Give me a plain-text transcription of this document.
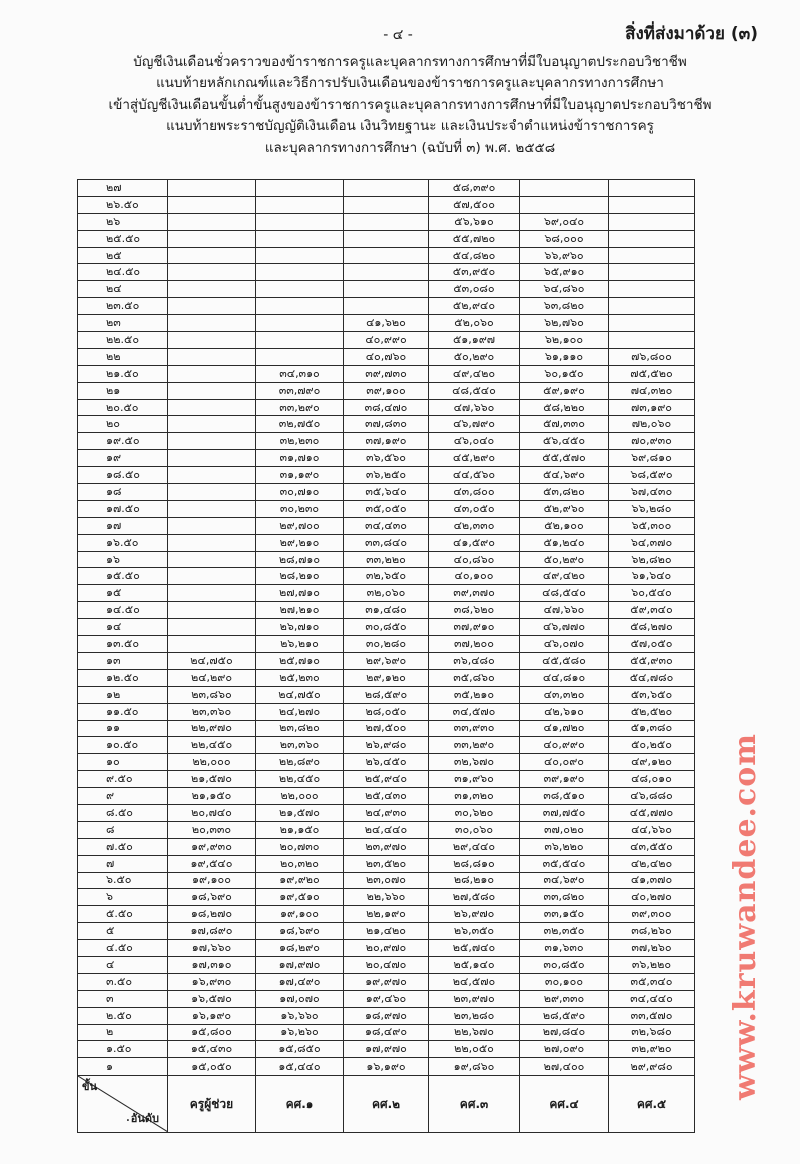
- ๔ -	สิ่งที่ส่งมาด้วย (๓)
บัญชีเงินเดือนชั่วคราวของข้าราชการครูและบุคลากรทางการศึกษาที่มีใบอนุญาตประกอบวิชาชีพ
แนบท้ายหลักเกณฑ์และวิธีการปรับเงินเดือนของข้าราชการครูและบุคลากรทางการศึกษา
เข้าสู่บัญชีเงินเดือนขั้นต่ำขั้นสูงของข้าราชการครูและบุคลากรทางการศึกษาที่มีใบอนุญาตประกอบวิชาชีพ
แนบท้ายพระราชบัญญัติเงินเดือน เงินวิทยฐานะ และเงินประจำตำแหน่งข้าราชการครู
และบุคลากรทางการศึกษา (ฉบับที่ ๓) พ.ศ. ๒๕๕๘
๒๗				๕๘,๓๙๐		
๒๖.๕๐				๕๗,๕๐๐		
๒๖				๕๖,๖๑๐	๖๙,๐๔๐	
๒๕.๕๐				๕๕,๗๒๐	๖๘,๐๐๐	
๒๕				๕๔,๘๒๐	๖๖,๙๖๐	
๒๔.๕๐				๕๓,๙๕๐	๖๕,๙๑๐	
๒๔				๕๓,๐๘๐	๖๔,๘๖๐	
๒๓.๕๐				๕๒,๙๔๐	๖๓,๘๒๐	
๒๓			๔๑,๖๒๐	๕๒,๐๖๐	๖๒,๗๖๐	
๒๒.๕๐			๔๐,๙๙๐	๕๑,๑๙๗	๖๒,๑๐๐	
๒๒			๔๐,๗๖๐	๕๐,๒๙๐	๖๑,๑๑๐	๗๖,๘๐๐
๒๑.๕๐		๓๔,๓๑๐	๓๙,๗๓๐	๔๙,๔๒๐	๖๐,๑๕๐	๗๕,๕๒๐
๒๑		๓๓,๗๙๐	๓๙,๑๐๐	๔๘,๕๔๐	๕๙,๑๙๐	๗๔,๓๒๐
๒๐.๕๐		๓๓,๒๙๐	๓๘,๔๗๐	๔๗,๖๖๐	๕๘,๒๒๐	๗๓,๑๙๐
๒๐		๓๒,๗๕๐	๓๗,๘๓๐	๔๖,๗๙๐	๕๗,๓๓๐	๗๒,๐๖๐
๑๙.๕๐		๓๒,๒๓๐	๓๗,๑๙๐	๔๖,๐๔๐	๕๖,๔๕๐	๗๐,๙๓๐
๑๙		๓๑,๗๑๐	๓๖,๕๖๐	๔๕,๒๙๐	๕๕,๕๗๐	๖๙,๘๑๐
๑๘.๕๐		๓๑,๑๙๐	๓๖,๒๕๐	๔๔,๕๖๐	๕๔,๖๙๐	๖๘,๕๙๐
๑๘		๓๐,๗๑๐	๓๕,๖๔๐	๔๓,๘๐๐	๕๓,๘๒๐	๖๗,๔๓๐
๑๗.๕๐		๓๐,๒๓๐	๓๕,๐๕๐	๔๓,๐๕๐	๕๒,๙๖๐	๖๖,๒๘๐
๑๗		๒๙,๗๐๐	๓๔,๔๓๐	๔๒,๓๓๐	๕๒,๑๐๐	๖๕,๓๐๐
๑๖.๕๐		๒๙,๒๑๐	๓๓,๘๔๐	๔๑,๕๙๐	๕๑,๒๔๐	๖๔,๓๗๐
๑๖		๒๘,๗๑๐	๓๓,๒๒๐	๔๐,๘๖๐	๕๐,๒๙๐	๖๒,๘๒๐
๑๕.๕๐		๒๘,๒๑๐	๓๒,๖๕๐	๔๐,๑๐๐	๔๙,๔๒๐	๖๑,๖๔๐
๑๕		๒๗,๗๑๐	๓๒,๐๖๐	๓๙,๓๗๐	๔๘,๕๔๐	๖๐,๕๔๐
๑๔.๕๐		๒๗,๒๑๐	๓๑,๔๘๐	๓๘,๖๒๐	๔๗,๖๖๐	๕๙,๓๔๐
๑๔		๒๖,๗๑๐	๓๐,๘๕๐	๓๗,๙๑๐	๔๖,๗๗๐	๕๘,๒๗๐
๑๓.๕๐		๒๖,๒๑๐	๓๐,๒๘๐	๓๗,๒๐๐	๔๖,๐๗๐	๕๗,๐๕๐
๑๓	๒๔,๗๕๐	๒๕,๗๑๐	๒๙,๖๙๐	๓๖,๔๘๐	๔๕,๕๘๐	๕๕,๙๓๐
๑๒.๕๐	๒๔,๒๙๐	๒๕,๒๓๐	๒๙,๑๒๐	๓๕,๘๖๐	๔๔,๘๑๐	๕๔,๗๘๐
๑๒	๒๓,๘๖๐	๒๔,๗๕๐	๒๘,๕๙๐	๓๕,๒๑๐	๔๓,๓๒๐	๕๓,๖๕๐
๑๑.๕๐	๒๓,๓๖๐	๒๔,๒๗๐	๒๘,๐๕๐	๓๔,๕๗๐	๔๒,๖๑๐	๕๒,๕๒๐
๑๑	๒๒,๙๗๐	๒๓,๘๒๐	๒๗,๕๐๐	๓๓,๙๓๐	๔๑,๗๒๐	๕๑,๓๘๐
๑๐.๕๐	๒๒,๔๕๐	๒๓,๓๖๐	๒๖,๙๘๐	๓๓,๒๙๐	๔๐,๙๙๐	๕๐,๒๕๐
๑๐	๒๒,๐๐๐	๒๒,๘๙๐	๒๖,๔๕๐	๓๒,๖๗๐	๔๐,๐๙๐	๔๙,๑๒๐
๙.๕๐	๒๑,๕๗๐	๒๒,๔๕๐	๒๕,๙๔๐	๓๑,๙๖๐	๓๙,๑๙๐	๔๘,๐๑๐
๙	๒๑,๑๕๐	๒๒,๐๐๐	๒๕,๔๓๐	๓๑,๓๒๐	๓๘,๕๑๐	๔๖,๘๘๐
๘.๕๐	๒๐,๗๔๐	๒๑,๕๗๐	๒๔,๙๓๐	๓๐,๖๒๐	๓๗,๗๕๐	๔๕,๗๗๐
๘	๒๐,๓๓๐	๒๑,๑๕๐	๒๔,๔๔๐	๓๐,๐๖๐	๓๗,๐๒๐	๔๔,๖๖๐
๗.๕๐	๑๙,๙๓๐	๒๐,๗๓๐	๒๓,๙๗๐	๒๙,๔๔๐	๓๖,๒๒๐	๔๓,๕๕๐
๗	๑๙,๕๔๐	๒๐,๓๒๐	๒๓,๕๒๐	๒๘,๘๑๐	๓๕,๕๔๐	๔๒,๔๒๐
๖.๕๐	๑๙,๑๐๐	๑๙,๙๒๐	๒๓,๐๗๐	๒๘,๒๑๐	๓๔,๖๙๐	๔๑,๓๗๐
๖	๑๘,๖๙๐	๑๙,๕๑๐	๒๒,๖๖๐	๒๗,๕๘๐	๓๓,๘๒๐	๔๐,๒๗๐
๕.๕๐	๑๘,๒๗๐	๑๙,๑๐๐	๒๒,๑๙๐	๒๖,๙๗๐	๓๓,๑๕๐	๓๙,๓๐๐
๕	๑๗,๘๙๐	๑๘,๖๙๐	๒๑,๔๒๐	๒๖,๓๕๐	๓๒,๓๕๐	๓๘,๒๖๐
๔.๕๐	๑๗,๖๖๐	๑๘,๒๙๐	๒๐,๙๗๐	๒๕,๗๔๐	๓๑,๖๓๐	๓๗,๒๖๐
๔	๑๗,๓๑๐	๑๗,๙๗๐	๒๐,๔๗๐	๒๕,๑๔๐	๓๐,๘๕๐	๓๖,๒๒๐
๓.๕๐	๑๖,๙๓๐	๑๗,๔๙๐	๑๙,๙๗๐	๒๔,๕๗๐	๓๐,๑๐๐	๓๕,๓๔๐
๓	๑๖,๕๗๐	๑๗,๐๗๐	๑๙,๔๖๐	๒๓,๙๗๐	๒๙,๓๓๐	๓๔,๔๔๐
๒.๕๐	๑๖,๑๙๐	๑๖,๖๖๐	๑๘,๙๗๐	๒๓,๒๘๐	๒๘,๕๙๐	๓๓,๕๗๐
๒	๑๕,๘๐๐	๑๖,๒๖๐	๑๘,๔๙๐	๒๒,๖๗๐	๒๗,๘๔๐	๓๒,๖๘๐
๑.๕๐	๑๕,๔๓๐	๑๕,๘๕๐	๑๗,๙๗๐	๒๒,๐๕๐	๒๗,๐๙๐	๓๒,๙๒๐
๑	๑๕,๐๕๐	๑๕,๔๔๐	๑๖,๑๙๐	๑๙,๘๖๐	๒๗,๔๐๐	๒๙,๙๘๐

ขั้น
. อันดับ	ครูผู้ช่วย	คศ.๑	คศ.๒	คศ.๓	คศ.๔	คศ.๕
www.kruwandee.com
